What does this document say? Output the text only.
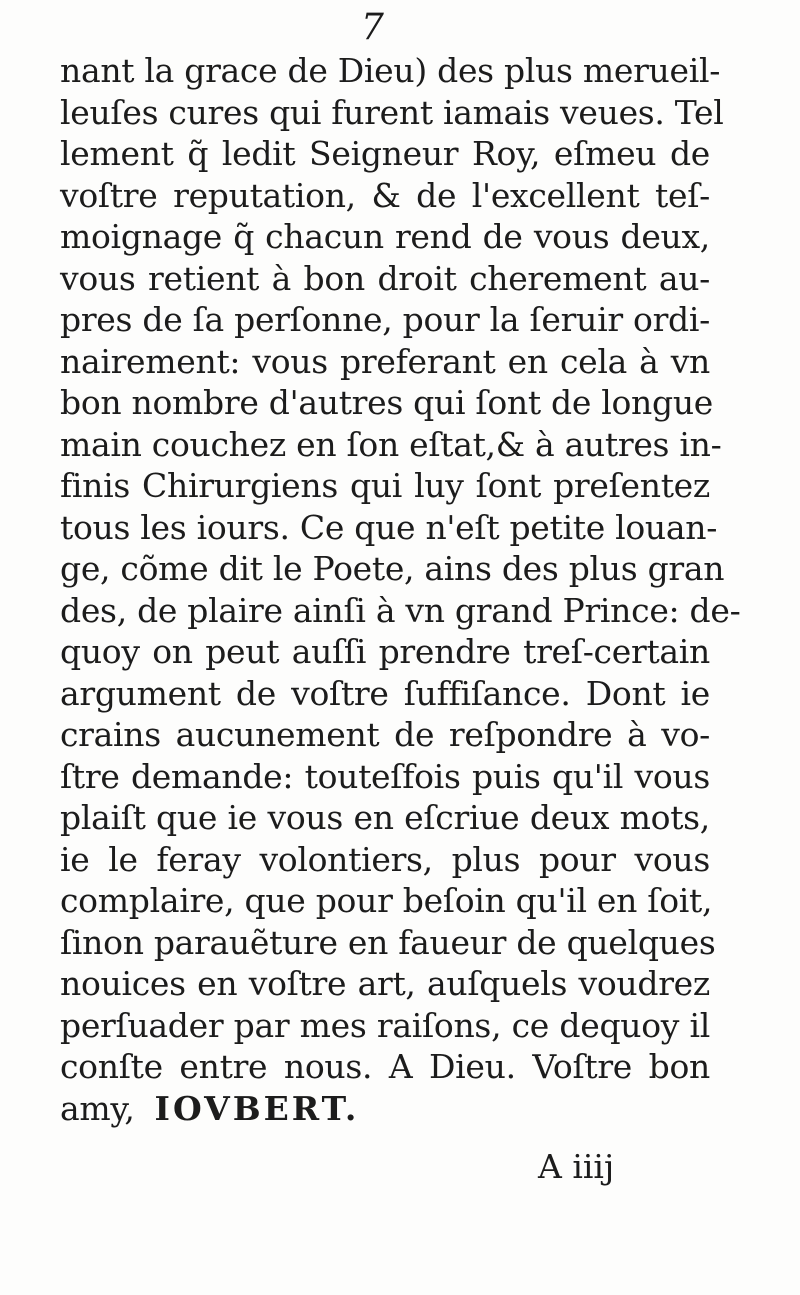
7
nant la grace de Dieu) des plus merueil-
leuſes cures qui furent iamais veues. Tel
lement q̃ ledit Seigneur Roy, eſmeu de
voſtre reputation, & de l'excellent teſ-
moignage q̃ chacun rend de vous deux,
vous retient à bon droit cherement au-
pres de ſa perſonne, pour la ſeruir ordi-
nairement: vous preferant en cela à vn
bon nombre d'autres qui ſont de longue
main couchez en ſon eſtat,& à autres in-
finis Chirurgiens qui luy ſont preſentez
tous les iours. Ce que n'eſt petite louan-
ge, cõme dit le Poete, ains des plus gran
des, de plaire ainſi à vn grand Prince: de-
quoy on peut auſſi prendre treſ-certain
argument de voſtre ſuffiſance. Dont ie
crains aucunement de reſpondre à vo-
ſtre demande: touteſfois puis qu'il vous
plaiſt que ie vous en eſcriue deux mots,
ie le feray volontiers, plus pour vous
complaire, que pour beſoin qu'il en ſoit,
ſinon parauẽture en faueur de quelques
nouices en voſtre art, auſquels voudrez
perſuader par mes raiſons, ce dequoy il
conſte entre nous. A Dieu. Voſtre bon
amy, IOVBERT.
A iiij
